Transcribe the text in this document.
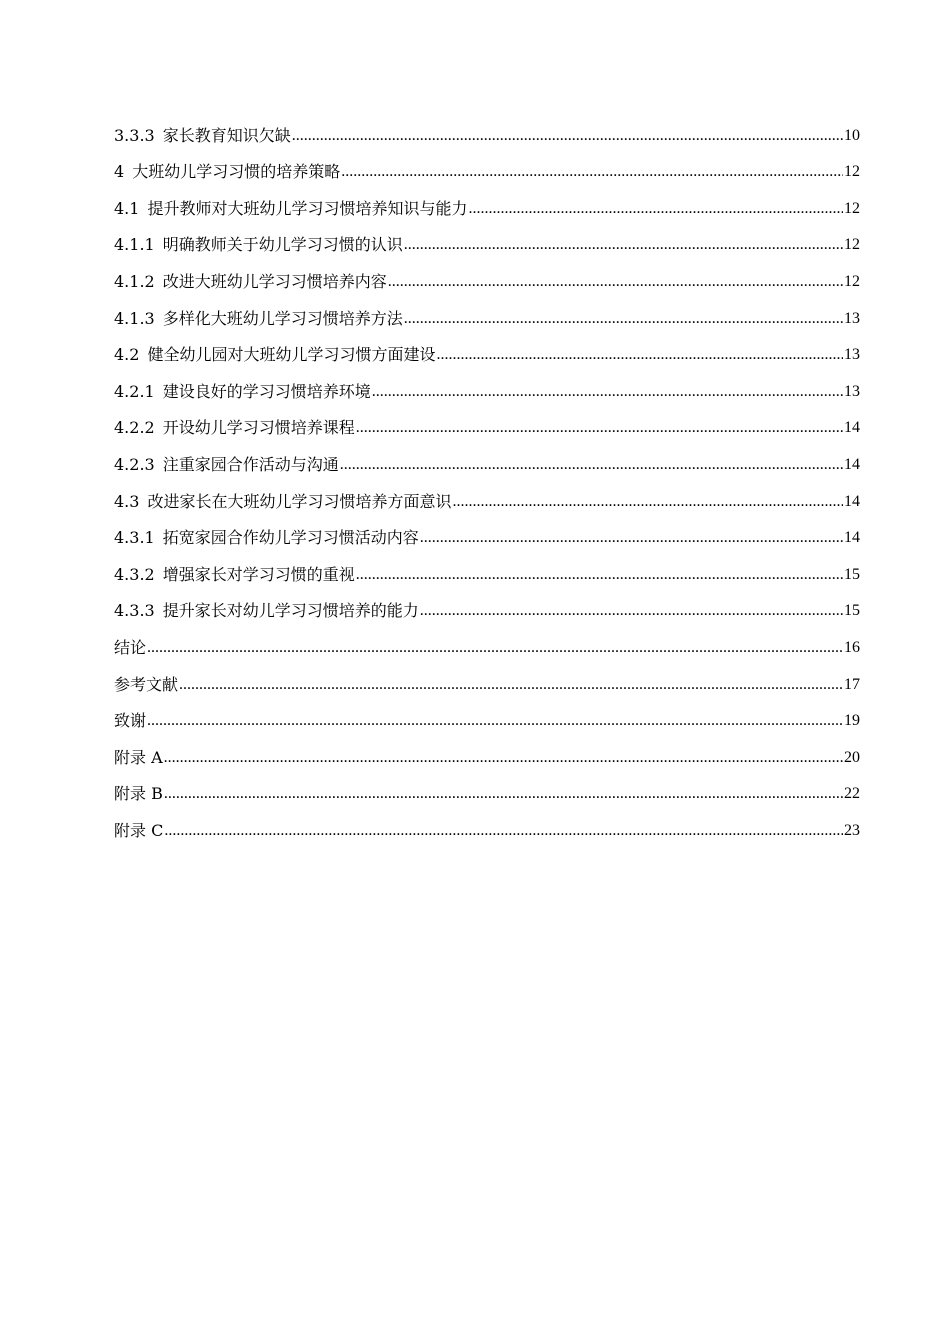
3.3.3 家长教育知识欠缺 .....	10
4 大班幼儿学习习惯的培养策略 .....	12
4.1 提升教师对大班幼儿学习习惯培养知识与能力 .....	12
4.1.1 明确教师关于幼儿学习习惯的认识 .....	12
4.1.2 改进大班幼儿学习习惯培养内容 .....	12
4.1.3 多样化大班幼儿学习习惯培养方法 .....	13
4.2 健全幼儿园对大班幼儿学习习惯方面建设 .....	13
4.2.1 建设良好的学习习惯培养环境 .....	13
4.2.2 开设幼儿学习习惯培养课程 .....	14
4.2.3 注重家园合作活动与沟通 .....	14
4.3 改进家长在大班幼儿学习习惯培养方面意识 .....	14
4.3.1 拓宽家园合作幼儿学习习惯活动内容 .....	14
4.3.2 增强家长对学习习惯的重视 .....	15
4.3.3 提升家长对幼儿学习习惯培养的能力 .....	15
结论 .....	16
参考文献 .....	17
致谢 .....	19
附录 A .....	20
附录 B .....	22
附录 C .....	23
